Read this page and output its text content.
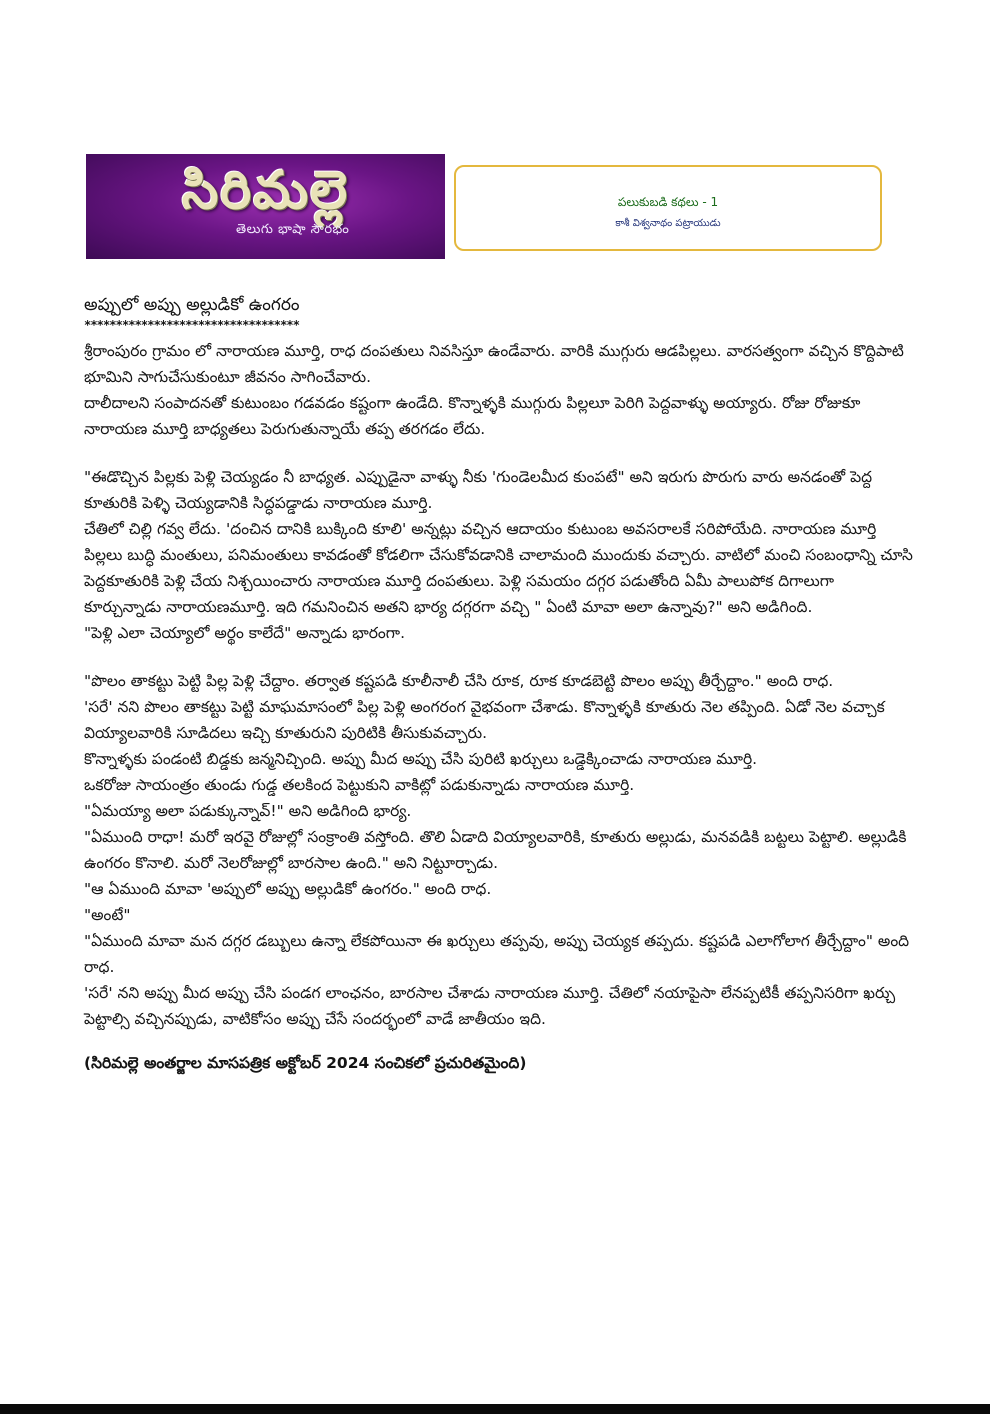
సిరిమల్లె
తెలుగు భాషా సౌరభం
పలుకుబడి కథలు - 1
కాశీ విశ్వనాథం పట్రాయుడు
అప్పులో అప్పు అల్లుడికో ఉంగరం
**********************************

శ్రీరాంపురం గ్రామం లో నారాయణ మూర్తి, రాధ దంపతులు నివసిస్తూ ఉండేవారు. వారికి ముగ్గురు ఆడపిల్లలు. వారసత్వంగా వచ్చిన కొద్దిపాటి భూమిని సాగుచేసుకుంటూ జీవనం సాగించేవారు.

దాలీదాలని సంపాదనతో కుటుంబం గడవడం కష్టంగా ఉండేది. కొన్నాళ్ళకి ముగ్గురు పిల్లలూ పెరిగి పెద్దవాళ్ళు అయ్యారు. రోజు రోజుకూ నారాయణ మూర్తి బాధ్యతలు పెరుగుతున్నాయే తప్ప తరగడం లేదు.

"ఈడొచ్చిన పిల్లకు పెళ్లి చెయ్యడం నీ బాధ్యత. ఎప్పుడైనా వాళ్ళు నీకు 'గుండెలమీద కుంపటే" అని ఇరుగు పొరుగు వారు అనడంతో పెద్ద కూతురికి పెళ్ళి చెయ్యడానికి సిద్ధపడ్డాడు నారాయణ మూర్తి.

చేతిలో చిల్లి గవ్వ లేదు. 'దంచిన దానికి బుక్కింది కూలి' అన్నట్లు వచ్చిన ఆదాయం కుటుంబ అవసరాలకే సరిపోయేది. నారాయణ మూర్తి పిల్లలు బుద్ధి మంతులు, పనిమంతులు కావడంతో కోడలిగా చేసుకోవడానికి చాలామంది ముందుకు వచ్చారు. వాటిలో మంచి సంబంధాన్ని చూసి పెద్దకూతురికి పెళ్లి చేయ నిశ్చయించారు నారాయణ మూర్తి దంపతులు. పెళ్లి సమయం దగ్గర పడుతోంది ఏమీ పాలుపోక దిగాలుగా కూర్చున్నాడు నారాయణమూర్తి. ఇది గమనించిన అతని భార్య దగ్గరగా వచ్చి " ఏంటి మావా అలా ఉన్నావు?" అని అడిగింది.

"పెళ్లి ఎలా చెయ్యాలో అర్థం కాలేదే" అన్నాడు భారంగా.

"పొలం తాకట్టు పెట్టి పిల్ల పెళ్లి చేద్దాం. తర్వాత కష్టపడి కూలీనాలీ చేసి రూక, రూక కూడబెట్టి పొలం అప్పు తీర్చేద్దాం." అంది రాధ.

'సరే' నని పొలం తాకట్టు పెట్టి మాఘమాసంలో పిల్ల పెళ్లి అంగరంగ వైభవంగా చేశాడు. కొన్నాళ్ళకి కూతురు నెల తప్పింది. ఏడో నెల వచ్చాక వియ్యాలవారికి సూడిదలు ఇచ్చి కూతురుని పురిటికి తీసుకువచ్చారు.

కొన్నాళ్ళకు పండంటి బిడ్డకు జన్మనిచ్చింది. అప్పు మీద అప్పు చేసి పురిటి ఖర్చులు ఒడ్డెక్కించాడు నారాయణ మూర్తి.

ఒకరోజు సాయంత్రం తుండు గుడ్డ తలకింద పెట్టుకుని వాకిట్లో పడుకున్నాడు నారాయణ మూర్తి.

"ఏమయ్యా అలా పడుక్కున్నావ్!" అని అడిగింది భార్య.

"ఏముంది రాధా! మరో ఇరవై రోజుల్లో సంక్రాంతి వస్తోంది. తొలి ఏడాది వియ్యాలవారికి, కూతురు అల్లుడు, మనవడికి బట్టలు పెట్టాలి. అల్లుడికి ఉంగరం కొనాలి. మరో నెలరోజుల్లో బారసాల ఉంది." అని నిట్టూర్చాడు.

"ఆ ఏముంది మావా 'అప్పులో అప్పు అల్లుడికో ఉంగరం." అంది రాధ.

"అంటే"

"ఏముంది మావా మన దగ్గర డబ్బులు ఉన్నా లేకపోయినా ఈ ఖర్చులు తప్పవు, అప్పు చెయ్యక తప్పదు. కష్టపడి ఎలాగోలాగ తీర్చేద్దాం" అంది రాధ.

'సరే' నని అప్పు మీద అప్పు చేసి పండగ లాంఛనం, బారసాల చేశాడు నారాయణ మూర్తి. చేతిలో నయాపైసా లేనప్పటికీ తప్పనిసరిగా ఖర్చు పెట్టాల్సి వచ్చినప్పుడు, వాటికోసం అప్పు చేసే సందర్భంలో వాడే జాతీయం ఇది.

(సిరిమల్లె అంతర్జాల మాసపత్రిక అక్టోబర్ 2024 సంచికలో ప్రచురితమైంది)
